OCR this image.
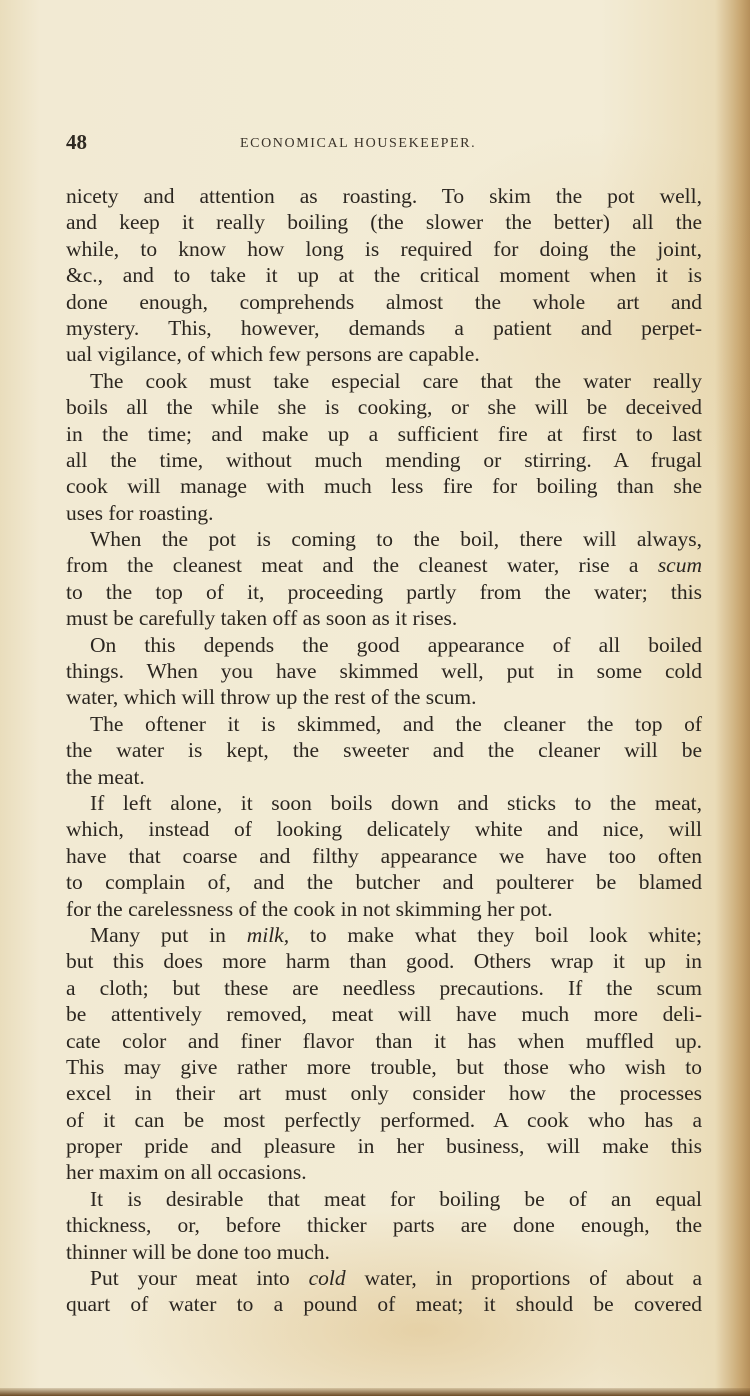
48	ECONOMICAL HOUSEKEEPER.
nicety and attention as roasting. To skim the pot well,
and keep it really boiling (the slower the better) all the
while, to know how long is required for doing the joint,
&c., and to take it up at the critical moment when it is
done enough, comprehends almost the whole art and
mystery. This, however, demands a patient and perpet-
ual vigilance, of which few persons are capable.
The cook must take especial care that the water really
boils all the while she is cooking, or she will be deceived
in the time; and make up a sufficient fire at first to last
all the time, without much mending or stirring. A frugal
cook will manage with much less fire for boiling than she
uses for roasting.
When the pot is coming to the boil, there will always,
from the cleanest meat and the cleanest water, rise a scum
to the top of it, proceeding partly from the water; this
must be carefully taken off as soon as it rises.
On this depends the good appearance of all boiled
things. When you have skimmed well, put in some cold
water, which will throw up the rest of the scum.
The oftener it is skimmed, and the cleaner the top of
the water is kept, the sweeter and the cleaner will be
the meat.
If left alone, it soon boils down and sticks to the meat,
which, instead of looking delicately white and nice, will
have that coarse and filthy appearance we have too often
to complain of, and the butcher and poulterer be blamed
for the carelessness of the cook in not skimming her pot.
Many put in milk, to make what they boil look white;
but this does more harm than good. Others wrap it up in
a cloth; but these are needless precautions. If the scum
be attentively removed, meat will have much more deli-
cate color and finer flavor than it has when muffled up.
This may give rather more trouble, but those who wish to
excel in their art must only consider how the processes
of it can be most perfectly performed. A cook who has a
proper pride and pleasure in her business, will make this
her maxim on all occasions.
It is desirable that meat for boiling be of an equal
thickness, or, before thicker parts are done enough, the
thinner will be done too much.
Put your meat into cold water, in proportions of about a
quart of water to a pound of meat; it should be covered
